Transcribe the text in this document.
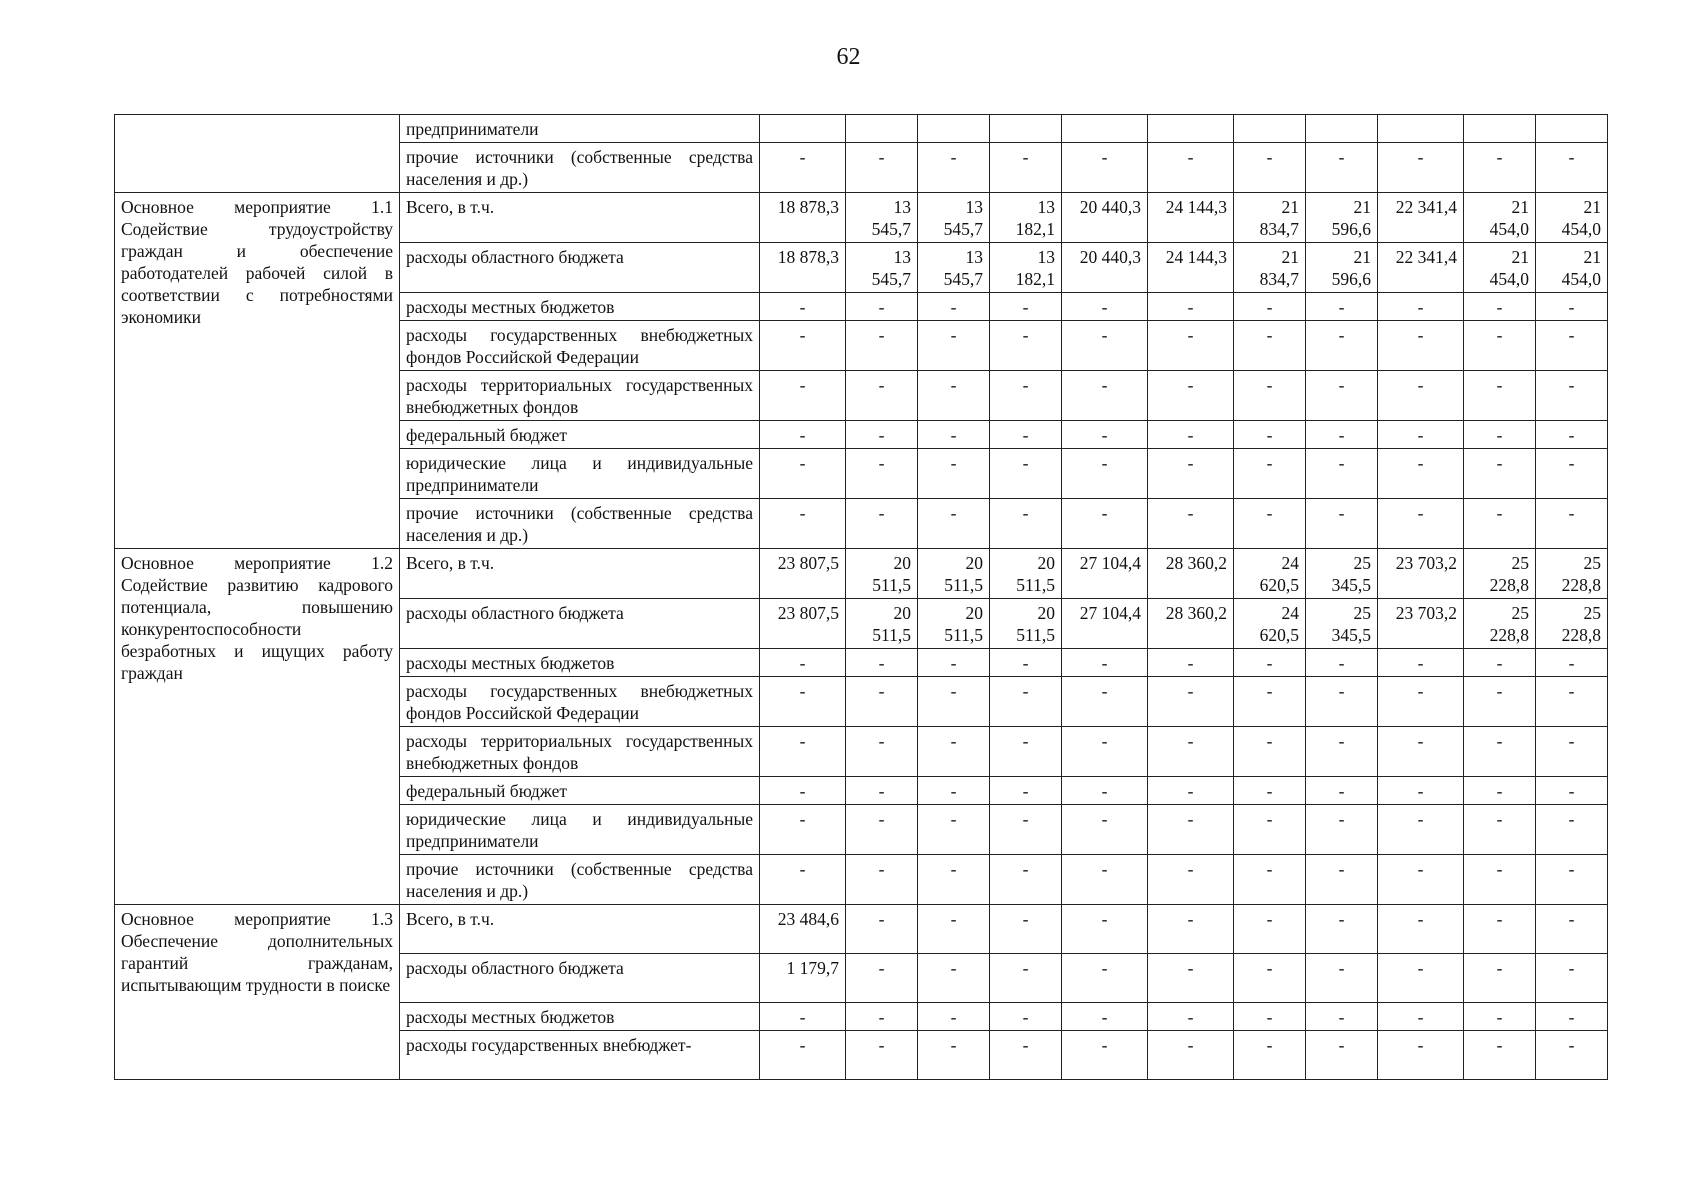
62
	предприниматели											
	прочие источники (собственные средства населения и др.)	-	-	-	-	-	-	-	-	-	-	-
Основное мероприятие 1.1 Содействие трудоустройству граждан и обеспечение работодателей рабочей силой в соответствии с потребностями экономики	Всего, в т.ч.	18 878,3	13 545,7	13 545,7	13 182,1	20 440,3	24 144,3	21 834,7	21 596,6	22 341,4	21 454,0	21 454,0
	расходы областного бюджета	18 878,3	13 545,7	13 545,7	13 182,1	20 440,3	24 144,3	21 834,7	21 596,6	22 341,4	21 454,0	21 454,0
	расходы местных бюджетов	-	-	-	-	-	-	-	-	-	-	-
	расходы государственных внебюджетных фондов Российской Федерации	-	-	-	-	-	-	-	-	-	-	-
	расходы территориальных государственных внебюджетных фондов	-	-	-	-	-	-	-	-	-	-	-
	федеральный бюджет	-	-	-	-	-	-	-	-	-	-	-
	юридические лица и индивидуальные предприниматели	-	-	-	-	-	-	-	-	-	-	-
	прочие источники (собственные средства населения и др.)	-	-	-	-	-	-	-	-	-	-	-
Основное мероприятие 1.2 Содействие развитию кадрового потенциала, повышению конкурентоспособности безработных и ищущих работу граждан	Всего, в т.ч.	23 807,5	20 511,5	20 511,5	20 511,5	27 104,4	28 360,2	24 620,5	25 345,5	23 703,2	25 228,8	25 228,8
	расходы областного бюджета	23 807,5	20 511,5	20 511,5	20 511,5	27 104,4	28 360,2	24 620,5	25 345,5	23 703,2	25 228,8	25 228,8
	расходы местных бюджетов	-	-	-	-	-	-	-	-	-	-	-
	расходы государственных внебюджетных фондов Российской Федерации	-	-	-	-	-	-	-	-	-	-	-
	расходы территориальных государственных внебюджетных фондов	-	-	-	-	-	-	-	-	-	-	-
	федеральный бюджет	-	-	-	-	-	-	-	-	-	-	-
	юридические лица и индивидуальные предприниматели	-	-	-	-	-	-	-	-	-	-	-
	прочие источники (собственные средства населения и др.)	-	-	-	-	-	-	-	-	-	-	-
Основное мероприятие 1.3 Обеспечение дополнительных гарантий гражданам, испытывающим трудности в поиске	Всего, в т.ч.	23 484,6	-	-	-	-	-	-	-	-	-	-
	расходы областного бюджета	1 179,7	-	-	-	-	-	-	-	-	-	-
	расходы местных бюджетов	-	-	-	-	-	-	-	-	-	-	-
	расходы государственных внебюджет-	-	-	-	-	-	-	-	-	-	-	-
